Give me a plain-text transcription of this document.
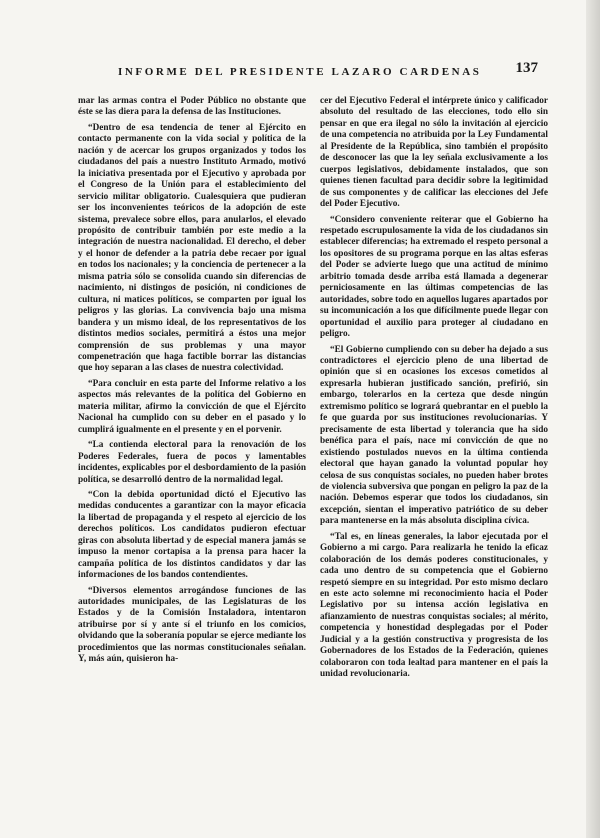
INFORME DEL PRESIDENTE LAZARO CARDENAS 137

mar las armas contra el Poder Público no obstante que éste se las diera para la defensa de las Instituciones.

“Dentro de esa tendencia de tener al Ejército en contacto permanente con la vida social y política de la nación y de acercar los grupos organizados y todos los ciudadanos del país a nuestro Instituto Armado, motivó la iniciativa presentada por el Ejecutivo y aprobada por el Congreso de la Unión para el establecimiento del servicio militar obligatorio. Cualesquiera que pudieran ser los inconvenientes teóricos de la adopción de este sistema, prevalece sobre ellos, para anularlos, el elevado propósito de contribuir también por este medio a la integración de nuestra nacionalidad. El derecho, el deber y el honor de defender a la patria debe recaer por igual en todos los nacionales; y la conciencia de pertenecer a la misma patria sólo se consolida cuando sin diferencias de nacimiento, ni distingos de posición, ni condiciones de cultura, ni matices políticos, se comparten por igual los peligros y las glorias. La convivencia bajo una misma bandera y un mismo ideal, de los representativos de los distintos medios sociales, permitirá a éstos una mejor comprensión de sus problemas y una mayor compenetración que haga factible borrar las distancias que hoy separan a las clases de nuestra colectividad.

“Para concluir en esta parte del Informe relativo a los aspectos más relevantes de la política del Gobierno en materia militar, afirmo la convicción de que el Ejército Nacional ha cumplido con su deber en el pasado y lo cumplirá igualmente en el presente y en el porvenir.

“La contienda electoral para la renovación de los Poderes Federales, fuera de pocos y lamentables incidentes, explicables por el desbordamiento de la pasión política, se desarrolló dentro de la normalidad legal.

“Con la debida oportunidad dictó el Ejecutivo las medidas conducentes a garantizar con la mayor eficacia la libertad de propaganda y el respeto al ejercicio de los derechos políticos. Los candidatos pudieron efectuar giras con absoluta libertad y de especial manera jamás se impuso la menor cortapisa a la prensa para hacer la campaña política de los distintos candidatos y dar las informaciones de los bandos contendientes.

“Diversos elementos arrogándose funciones de las autoridades municipales, de las Legislaturas de los Estados y de la Comisión Instaladora, intentaron atribuirse por sí y ante sí el triunfo en los comicios, olvidando que la soberanía popular se ejerce mediante los procedimientos que las normas constitucionales señalan. Y, más aún, quisieron ha-

cer del Ejecutivo Federal el intérprete único y calificador absoluto del resultado de las elecciones, todo ello sin pensar en que era ilegal no sólo la invitación al ejercicio de una competencia no atribuida por la Ley Fundamental al Presidente de la República, sino también el propósito de desconocer las que la ley señala exclusivamente a los cuerpos legislativos, debidamente instalados, que son quienes tienen facultad para decidir sobre la legitimidad de sus componentes y de calificar las elecciones del Jefe del Poder Ejecutivo.

“Considero conveniente reiterar que el Gobierno ha respetado escrupulosamente la vida de los ciudadanos sin establecer diferencias; ha extremado el respeto personal a los opositores de su programa porque en las altas esferas del Poder se advierte luego que una actitud de mínimo arbitrio tomada desde arriba está llamada a degenerar perniciosamente en las últimas competencias de las autoridades, sobre todo en aquellos lugares apartados por su incomunicación a los que difícilmente puede llegar con oportunidad el auxilio para proteger al ciudadano en peligro.

“El Gobierno cumpliendo con su deber ha dejado a sus contradictores el ejercicio pleno de una libertad de opinión que si en ocasiones los excesos cometidos al expresarla hubieran justificado sanción, prefirió, sin embargo, tolerarlos en la certeza que desde ningún extremismo político se logrará quebrantar en el pueblo la fe que guarda por sus instituciones revolucionarias. Y precisamente de esta libertad y tolerancia que ha sido benéfica para el país, nace mi convicción de que no existiendo postulados nuevos en la última contienda electoral que hayan ganado la voluntad popular hoy celosa de sus conquistas sociales, no pueden haber brotes de violencia subversiva que pongan en peligro la paz de la nación. Debemos esperar que todos los ciudadanos, sin excepción, sientan el imperativo patriótico de su deber para mantenerse en la más absoluta disciplina cívica.

“Tal es, en líneas generales, la labor ejecutada por el Gobierno a mi cargo. Para realizarla he tenido la eficaz colaboración de los demás poderes constitucionales, y cada uno dentro de su competencia que el Gobierno respetó siempre en su integridad. Por esto mismo declaro en este acto solemne mi reconocimiento hacia el Poder Legislativo por su intensa acción legislativa en afianzamiento de nuestras conquistas sociales; al mérito, competencia y honestidad desplegadas por el Poder Judicial y a la gestión constructiva y progresista de los Gobernadores de los Estados de la Federación, quienes colaboraron con toda lealtad para mantener en el país la unidad revolucionaria.
